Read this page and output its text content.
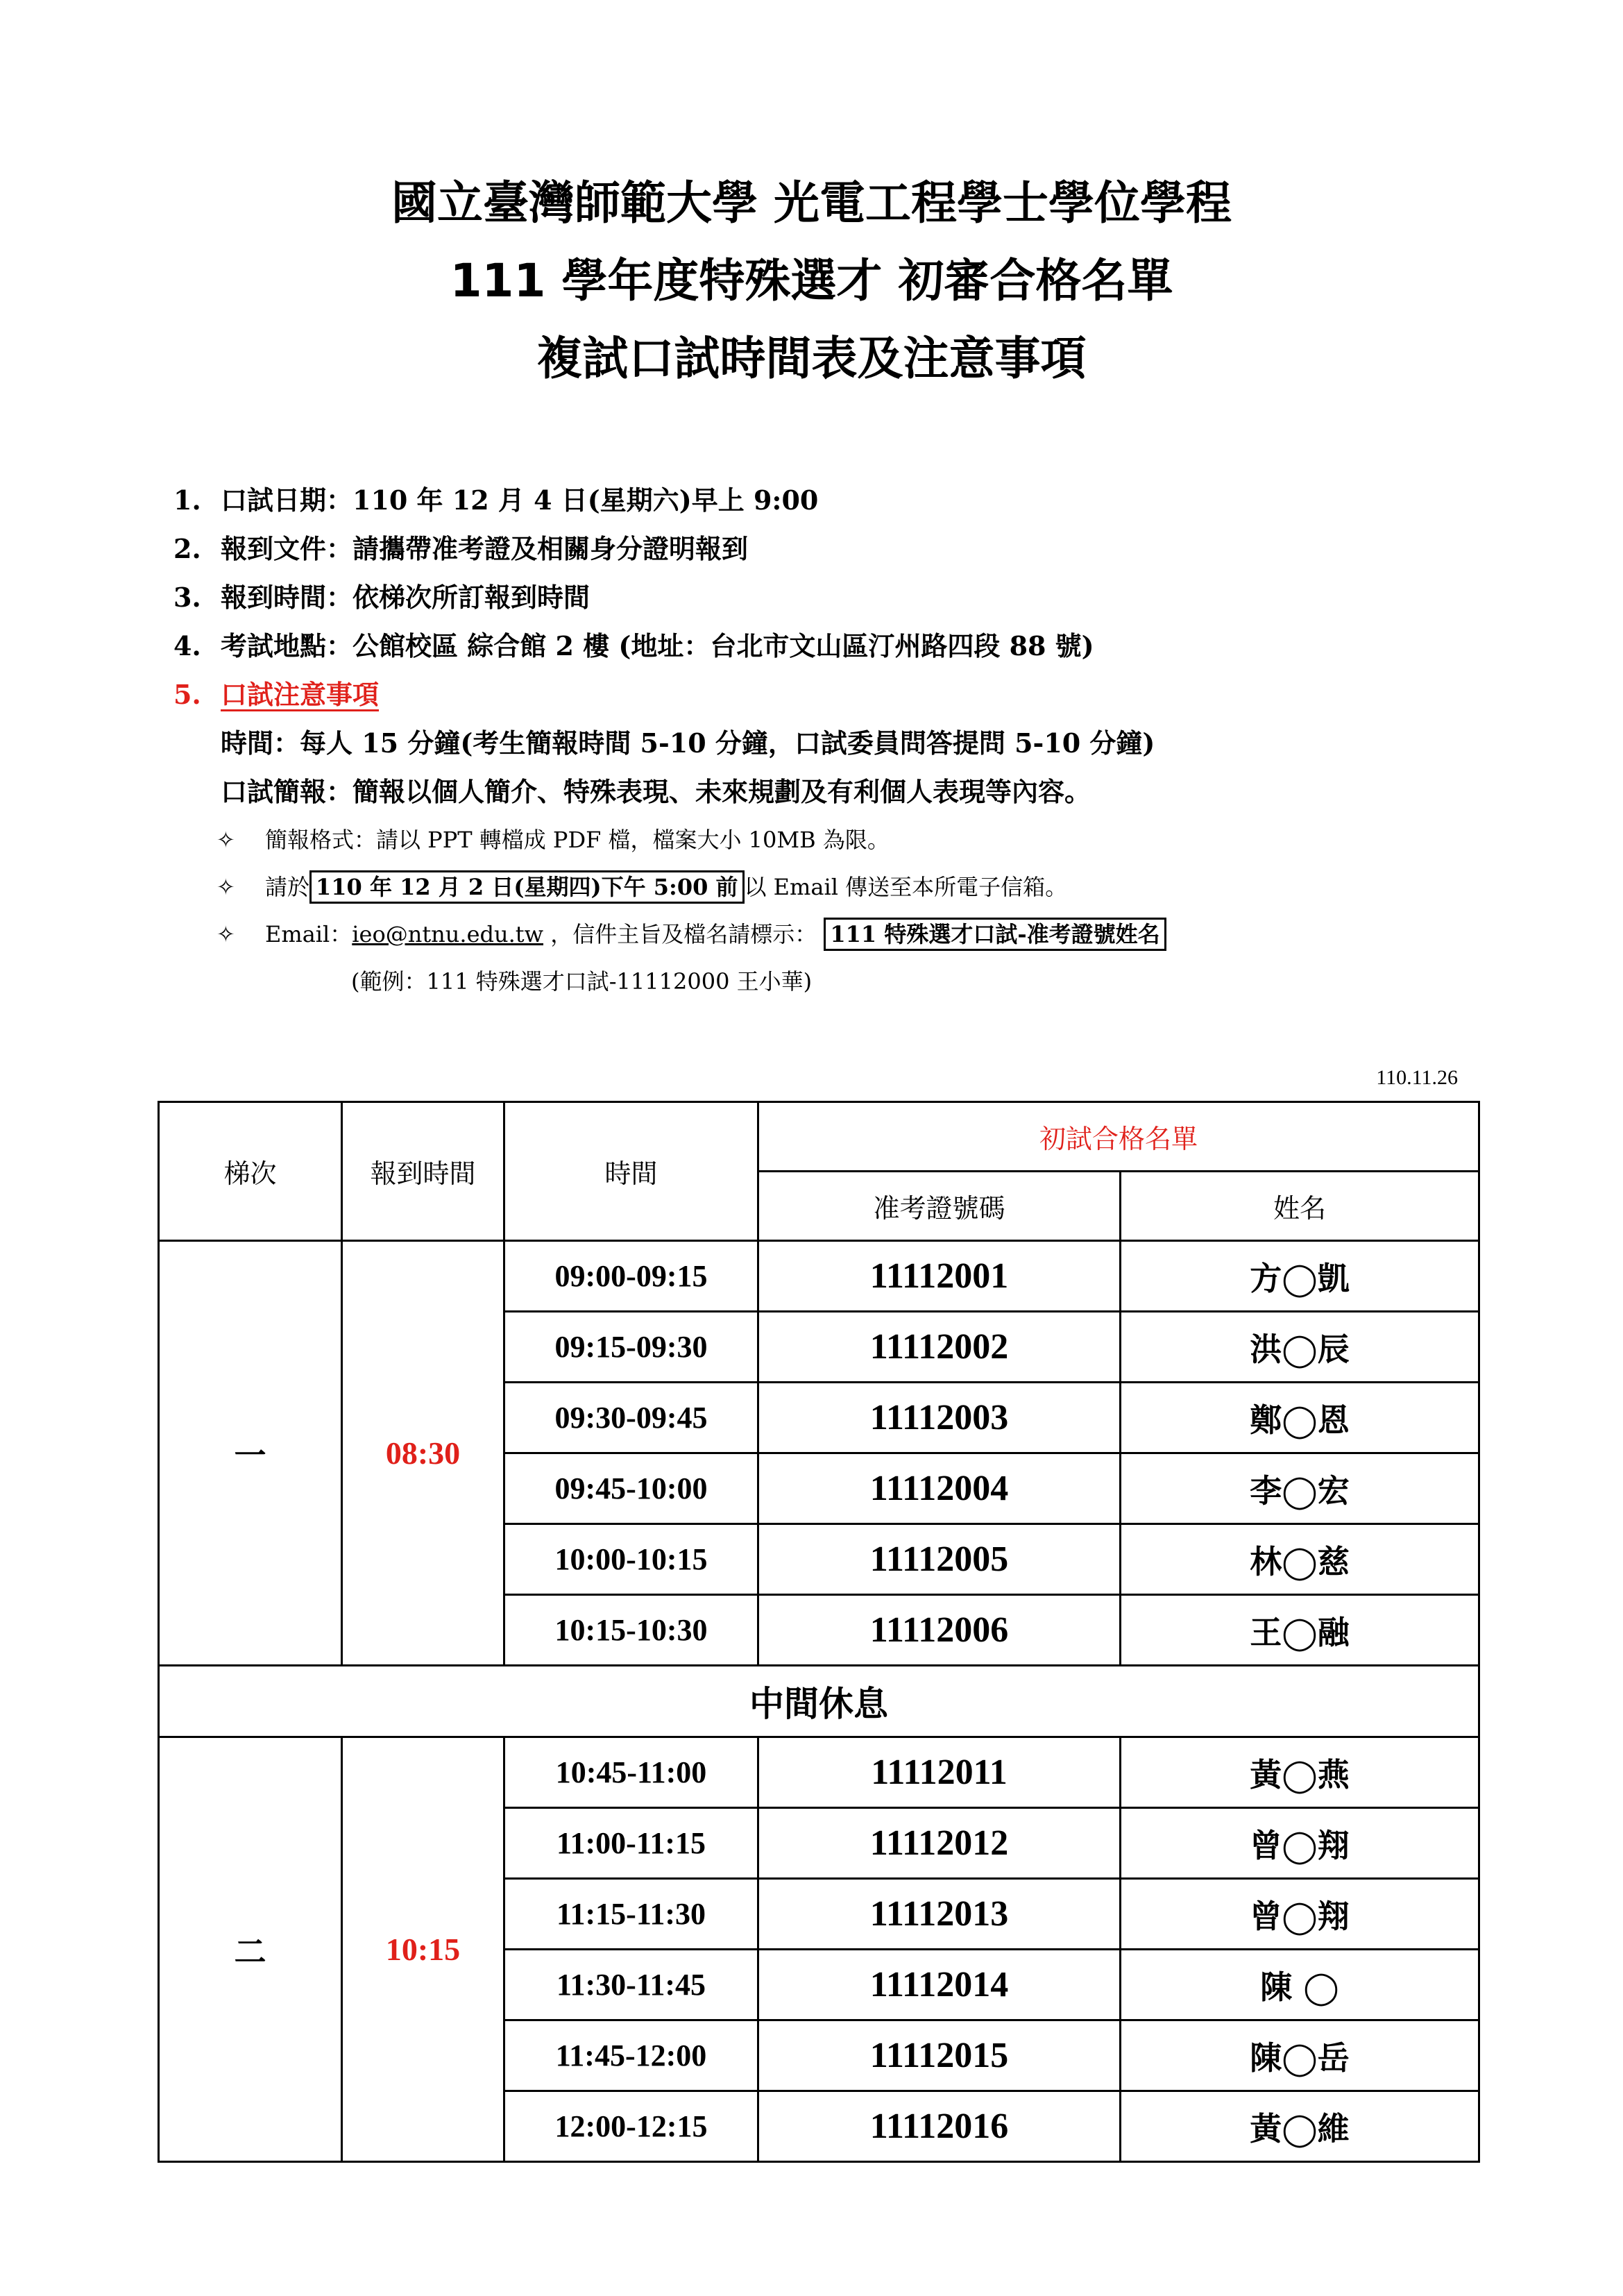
國立臺灣師範大學 光電工程學士學位學程
111 學年度特殊選才 初審合格名單
複試口試時間表及注意事項
1. 口試日期：110 年 12 月 4 日(星期六)早上 9:00
2. 報到文件：請攜帶准考證及相關身分證明報到
3. 報到時間：依梯次所訂報到時間
4. 考試地點：公館校區 綜合館 2 樓 (地址：台北市文山區汀州路四段 88 號)
5. 口試注意事項
時間：每人 15 分鐘(考生簡報時間 5-10 分鐘，口試委員問答提問 5-10 分鐘)
口試簡報：簡報以個人簡介、特殊表現、未來規劃及有利個人表現等內容。
✧	簡報格式：請以 PPT 轉檔成 PDF 檔，檔案大小 10MB 為限。
✧	請於 110 年 12 月 2 日(星期四)下午 5:00 前 以 Email 傳送至本所電子信箱。
✧	Email：ieo@ntnu.edu.tw ，信件主旨及檔名請標示： 111 特殊選才口試-准考證號姓名
(範例：111 特殊選才口試-11112000 王小華)
110.11.26
梯次	報到時間	時間	初試合格名單	
			准考證號碼	姓名
一	08:30	09:00-09:15	11112001	方◯凱
		09:15-09:30	11112002	洪◯辰
		09:30-09:45	11112003	鄭◯恩
		09:45-10:00	11112004	李◯宏
		10:00-10:15	11112005	林◯慈
		10:15-10:30	11112006	王◯融
中間休息				
二	10:15	10:45-11:00	11112011	黃◯燕
		11:00-11:15	11112012	曾◯翔
		11:15-11:30	11112013	曾◯翔
		11:30-11:45	11112014	陳 ◯
		11:45-12:00	11112015	陳◯岳
		12:00-12:15	11112016	黃◯維
